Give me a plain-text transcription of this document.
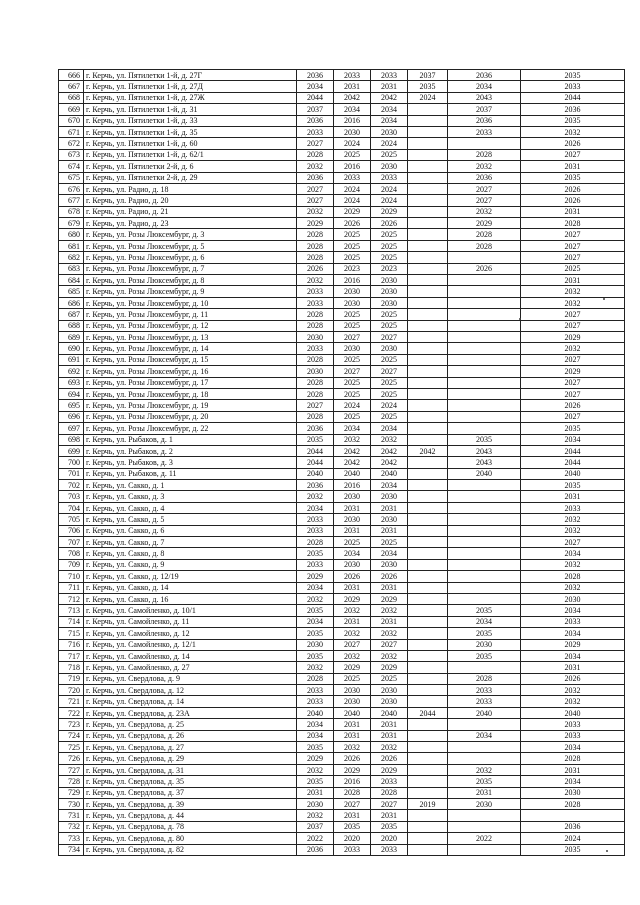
666	г. Керчь, ул. Пятилетки 1-й, д. 27Г	2036	2033	2033	2037	2036	2035
667	г. Керчь, ул. Пятилетки 1-й, д. 27Д	2034	2031	2031	2035	2034	2033
668	г. Керчь, ул. Пятилетки 1-й, д. 27Ж	2044	2042	2042	2024	2043	2044
669	г. Керчь, ул. Пятилетки 1-й, д. 31	2037	2034	2034		2037	2036
670	г. Керчь, ул. Пятилетки 1-й, д. 33	2036	2016	2034		2036	2035
671	г. Керчь, ул. Пятилетки 1-й, д. 35	2033	2030	2030		2033	2032
672	г. Керчь, ул. Пятилетки 1-й, д. 60	2027	2024	2024			2026
673	г. Керчь, ул. Пятилетки 1-й, д. 62/1	2028	2025	2025		2028	2027
674	г. Керчь, ул. Пятилетки 2-й, д. 6	2032	2016	2030		2032	2031
675	г. Керчь, ул. Пятилетки 2-й, д. 29	2036	2033	2033		2036	2035
676	г. Керчь, ул. Радио, д. 18	2027	2024	2024		2027	2026
677	г. Керчь, ул. Радио, д. 20	2027	2024	2024		2027	2026
678	г. Керчь, ул. Радио, д. 21	2032	2029	2029		2032	2031
679	г. Керчь, ул. Радио, д. 23	2029	2026	2026		2029	2028
680	г. Керчь, ул. Розы Люксембург, д. 3	2028	2025	2025		2028	2027
681	г. Керчь, ул. Розы Люксембург, д. 5	2028	2025	2025		2028	2027
682	г. Керчь, ул. Розы Люксембург, д. 6	2028	2025	2025			2027
683	г. Керчь, ул. Розы Люксембург, д. 7	2026	2023	2023		2026	2025
684	г. Керчь, ул. Розы Люксембург, д. 8	2032	2016	2030			2031
685	г. Керчь, ул. Розы Люксембург, д. 9	2033	2030	2030			2032
686	г. Керчь, ул. Розы Люксембург, д. 10	2033	2030	2030			2032
687	г. Керчь, ул. Розы Люксембург, д. 11	2028	2025	2025			2027
688	г. Керчь, ул. Розы Люксембург, д. 12	2028	2025	2025			2027
689	г. Керчь, ул. Розы Люксембург, д. 13	2030	2027	2027			2029
690	г. Керчь, ул. Розы Люксембург, д. 14	2033	2030	2030			2032
691	г. Керчь, ул. Розы Люксембург, д. 15	2028	2025	2025			2027
692	г. Керчь, ул. Розы Люксембург, д. 16	2030	2027	2027			2029
693	г. Керчь, ул. Розы Люксембург, д. 17	2028	2025	2025			2027
694	г. Керчь, ул. Розы Люксембург, д. 18	2028	2025	2025			2027
695	г. Керчь, ул. Розы Люксембург, д. 19	2027	2024	2024			2026
696	г. Керчь, ул. Розы Люксембург, д. 20	2028	2025	2025			2027
697	г. Керчь, ул. Розы Люксембург, д. 22	2036	2034	2034			2035
698	г. Керчь, ул. Рыбаков, д. 1	2035	2032	2032		2035	2034
699	г. Керчь, ул. Рыбаков, д. 2	2044	2042	2042	2042	2043	2044
700	г. Керчь, ул. Рыбаков, д. 3	2044	2042	2042		2043	2044
701	г. Керчь, ул. Рыбаков, д. 11	2040	2040	2040		2040	2040
702	г. Керчь, ул. Сакко, д. 1	2036	2016	2034			2035
703	г. Керчь, ул. Сакко, д. 3	2032	2030	2030			2031
704	г. Керчь, ул. Сакко, д. 4	2034	2031	2031			2033
705	г. Керчь, ул. Сакко, д. 5	2033	2030	2030			2032
706	г. Керчь, ул. Сакко, д. 6	2033	2031	2031			2032
707	г. Керчь, ул. Сакко, д. 7	2028	2025	2025			2027
708	г. Керчь, ул. Сакко, д. 8	2035	2034	2034			2034
709	г. Керчь, ул. Сакко, д. 9	2033	2030	2030			2032
710	г. Керчь, ул. Сакко, д. 12/19	2029	2026	2026			2028
711	г. Керчь, ул. Сакко, д. 14	2034	2031	2031			2032
712	г. Керчь, ул. Сакко, д. 16	2032	2029	2029			2030
713	г. Керчь, ул. Самойленко, д. 10/1	2035	2032	2032		2035	2034
714	г. Керчь, ул. Самойленко, д. 11	2034	2031	2031		2034	2033
715	г. Керчь, ул. Самойленко, д. 12	2035	2032	2032		2035	2034
716	г. Керчь, ул. Самойленко, д. 12/1	2030	2027	2027		2030	2029
717	г. Керчь, ул. Самойленко, д. 14	2035	2032	2032		2035	2034
718	г. Керчь, ул. Самойленко, д. 27	2032	2029	2029			2031
719	г. Керчь, ул. Свердлова, д. 9	2028	2025	2025		2028	2026
720	г. Керчь, ул. Свердлова, д. 12	2033	2030	2030		2033	2032
721	г. Керчь, ул. Свердлова, д. 14	2033	2030	2030		2033	2032
722	г. Керчь, ул. Свердлова, д. 23А	2040	2040	2040	2044	2040	2040
723	г. Керчь, ул. Свердлова, д. 25	2034	2031	2031			2033
724	г. Керчь, ул. Свердлова, д. 26	2034	2031	2031		2034	2033
725	г. Керчь, ул. Свердлова, д. 27	2035	2032	2032			2034
726	г. Керчь, ул. Свердлова, д. 29	2029	2026	2026			2028
727	г. Керчь, ул. Свердлова, д. 31	2032	2029	2029		2032	2031
728	г. Керчь, ул. Свердлова, д. 35	2035	2016	2033		2035	2034
729	г. Керчь, ул. Свердлова, д. 37	2031	2028	2028		2031	2030
730	г. Керчь, ул. Свердлова, д. 39	2030	2027	2027	2019	2030	2028
731	г. Керчь, ул. Свердлова, д. 44	2032	2031	2031			
732	г. Керчь, ул. Свердлова, д. 78	2037	2035	2035			2036
733	г. Керчь, ул. Свердлова, д. 80	2022	2020	2020		2022	2024
734	г. Керчь, ул. Свердлова, д. 82	2036	2033	2033			2035
